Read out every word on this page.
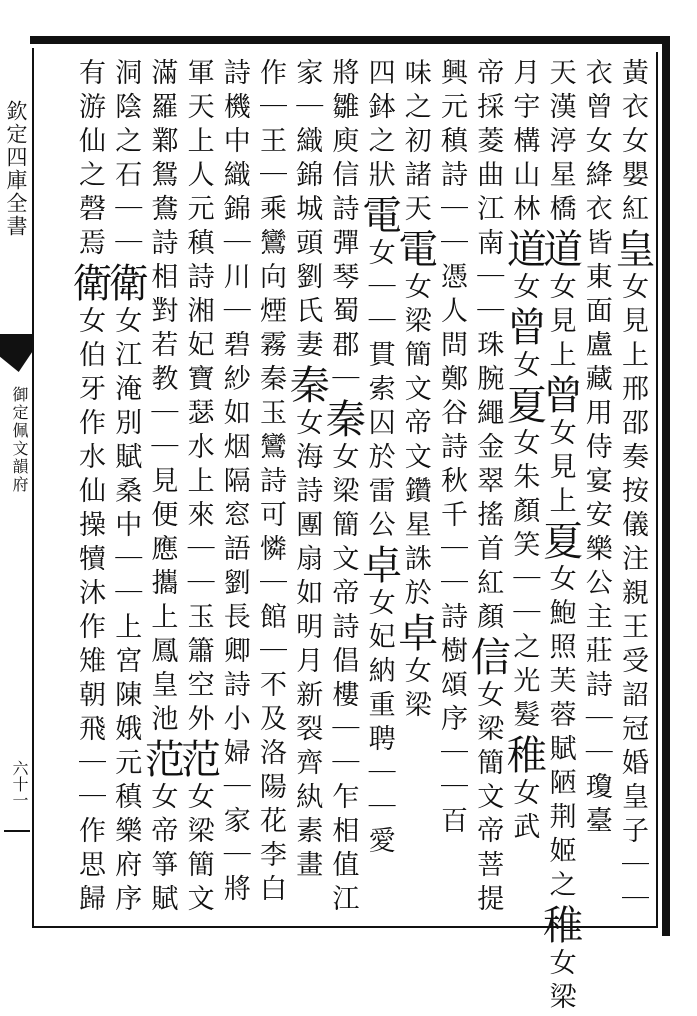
欽定四庫全書
御定佩文韻府
六十一
黃衣女嬰紅皇女見上邢邵奏按儀注親王受詔冠婚皇子｜｜
衣曾女絳衣皆東面盧藏用侍宴安樂公主莊詩｜｜瓊臺
天漢渟星橋道女見上曾女見上夏女鮑照芙蓉賦陋荆姬之稚女梁
月宇構山林道女曾女夏女朱顏笑｜｜之光髮稚女武
帝採菱曲江南｜｜珠腕繩金翠搖首紅顏信女梁簡文帝菩提
興元稹詩｜｜憑人問鄭谷詩秋千｜｜詩樹頌序｜｜百
味之初諸天電女梁簡文帝文鑽星誅於卓女梁
四鉢之狀電女｜｜貫索囚於雷公卓女妃納重聘｜｜愛
將雛庾信詩彈琴蜀郡｜秦女梁簡文帝詩倡樓｜｜乍相值江
家｜織錦城頭劉氏妻秦女海詩團扇如明月新裂齊紈素畫
作｜王｜乘鸞向煙霧秦玉鸞詩可憐｜館｜不及洛陽花李白
詩機中織錦｜川｜碧紗如烟隔窓語劉長卿詩小婦｜家｜將
軍天上人元稹詩湘妃寶瑟水上來｜｜玉簫空外范女梁簡文
滿羅鄴鴛鴦詩相對若教｜｜見便應攜上鳳皇池范女帝箏賦
洞陰之石｜｜衛女江淹別賦桑中｜｜上宮陳娥元稹樂府序
有游仙之磬焉衛女伯牙作水仙操犢沐作雉朝飛｜｜作思歸
